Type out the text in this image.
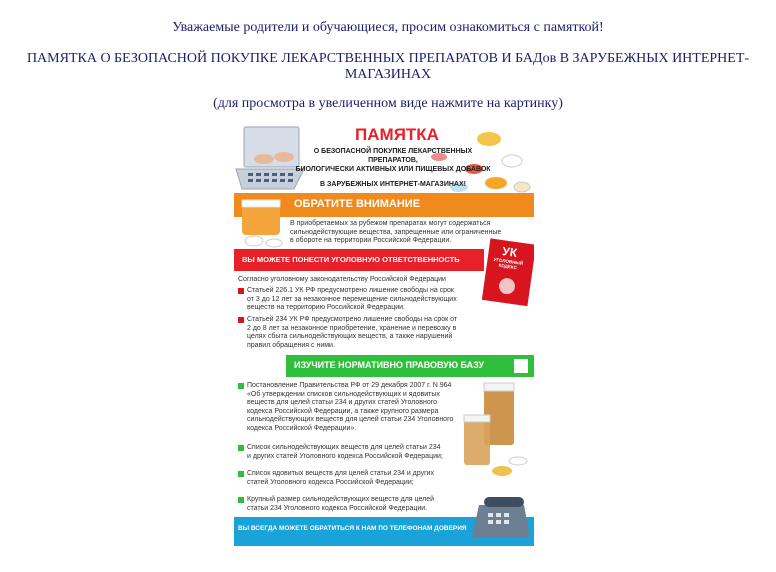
Уважаемые родители и обучающиеся, просим ознакомиться с памяткой!
ПАМЯТКА О БЕЗОПАСНОЙ ПОКУПКЕ ЛЕКАРСТВЕННЫХ ПРЕПАРАТОВ И БАДов В ЗАРУБЕЖНЫХ ИНТЕРНЕТ-
МАГАЗИНАХ
(для просмотра в увеличенном виде нажмите на картинку)
ПАМЯТКА
О БЕЗОПАСНОЙ ПОКУПКЕ ЛЕКАРСТВЕННЫХ ПРЕПАРАТОВ,
БИОЛОГИЧЕСКИ АКТИВНЫХ ИЛИ ПИЩЕВЫХ ДОБАВОК
В ЗАРУБЕЖНЫХ ИНТЕРНЕТ-МАГАЗИНАХ!
ОБРАТИТЕ ВНИМАНИЕ
В приобретаемых за рубежом препаратах могут содержаться
сильнодействующие вещества, запрещенные или ограниченные
в обороте на территории Российской Федерации.
ВЫ МОЖЕТЕ ПОНЕСТИ УГОЛОВНУЮ ОТВЕТСТВЕННОСТЬ	УК
УГОЛОВНЫЙ КОДЕКС
Согласно уголовному законодательству Российской Федерации
Статьей 226.1 УК РФ предусмотрено лишение свободы на срок
от 3 до 12 лет за незаконное перемещение сильнодействующих
веществ на территорию Российской Федерации.
Статьей 234 УК РФ предусмотрено лишение свободы на срок от
2 до 8 лет за незаконное приобретение, хранение и перевозку в
целях сбыта сильнодействующих веществ, а также нарушений
правил обращения с ними.
ИЗУЧИТЕ НОРМАТИВНО ПРАВОВУЮ БАЗУ
Постановление Правительства РФ от 29 декабря 2007 г. N 964
«Об утверждении списков сильнодействующих и ядовитых
веществ для целей статьи 234 и других статей Уголовного
кодекса Российской Федерации, а также крупного размера
сильнодействующих веществ для целей статьи 234 Уголовного
кодекса Российской Федерации».
Список сильнодействующих веществ для целей статьи 234
и других статей Уголовного кодекса Российской Федерации;
Список ядовитых веществ для целей статьи 234 и других
статей Уголовного кодекса Российской Федерации;
Крупный размер сильнодействующих веществ для целей
статьи 234 Уголовного кодекса Российской Федерации.
ВЫ ВСЕГДА МОЖЕТЕ ОБРАТИТЬСЯ К НАМ ПО ТЕЛЕФОНАМ ДОВЕРИЯ
